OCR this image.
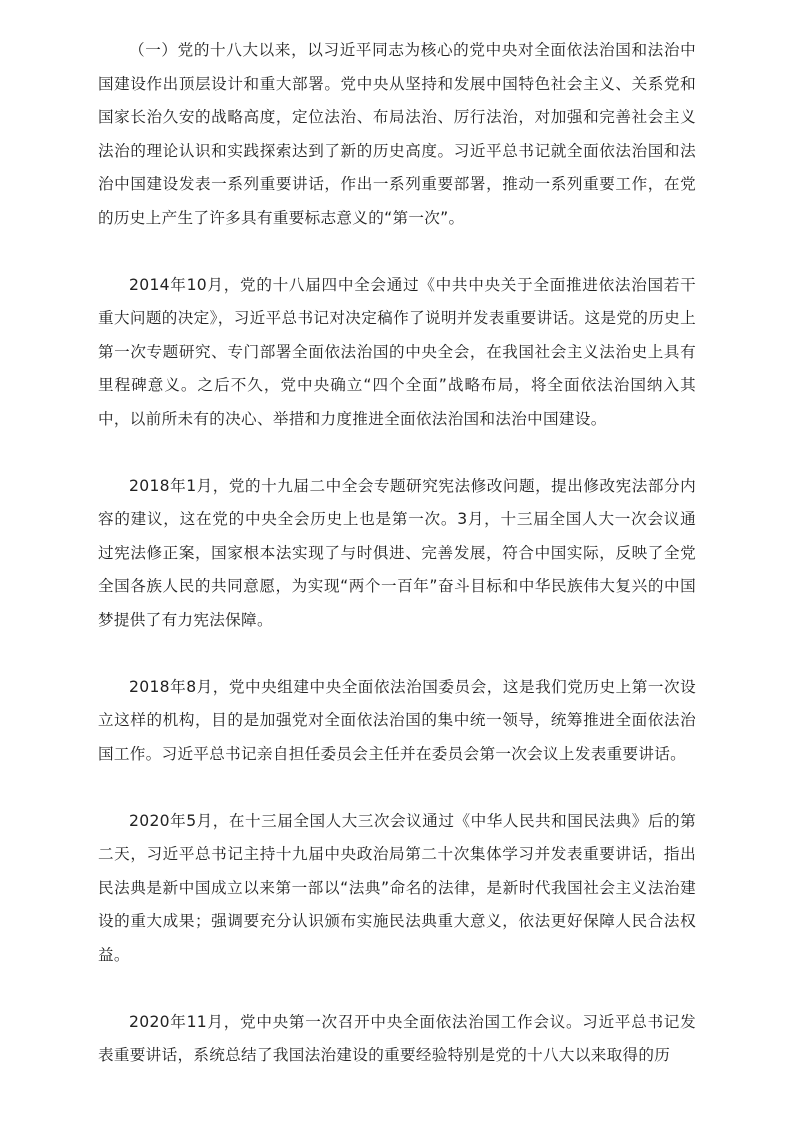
（一）党的十八大以来，以习近平同志为核心的党中央对全面依法治国和法治中国建设作出顶层设计和重大部署。党中央从坚持和发展中国特色社会主义、关系党和国家长治久安的战略高度，定位法治、布局法治、厉行法治，对加强和完善社会主义法治的理论认识和实践探索达到了新的历史高度。习近平总书记就全面依法治国和法治中国建设发表一系列重要讲话，作出一系列重要部署，推动一系列重要工作，在党的历史上产生了许多具有重要标志意义的“第一次”。

2014年10月，党的十八届四中全会通过《中共中央关于全面推进依法治国若干重大问题的决定》，习近平总书记对决定稿作了说明并发表重要讲话。这是党的历史上第一次专题研究、专门部署全面依法治国的中央全会，在我国社会主义法治史上具有里程碑意义。之后不久，党中央确立“四个全面”战略布局，将全面依法治国纳入其中，以前所未有的决心、举措和力度推进全面依法治国和法治中国建设。

2018年1月，党的十九届二中全会专题研究宪法修改问题，提出修改宪法部分内容的建议，这在党的中央全会历史上也是第一次。3月，十三届全国人大一次会议通过宪法修正案，国家根本法实现了与时俱进、完善发展，符合中国实际，反映了全党全国各族人民的共同意愿，为实现“两个一百年”奋斗目标和中华民族伟大复兴的中国梦提供了有力宪法保障。

2018年8月，党中央组建中央全面依法治国委员会，这是我们党历史上第一次设立这样的机构，目的是加强党对全面依法治国的集中统一领导，统筹推进全面依法治国工作。习近平总书记亲自担任委员会主任并在委员会第一次会议上发表重要讲话。

2020年5月，在十三届全国人大三次会议通过《中华人民共和国民法典》后的第二天，习近平总书记主持十九届中央政治局第二十次集体学习并发表重要讲话，指出民法典是新中国成立以来第一部以“法典”命名的法律，是新时代我国社会主义法治建设的重大成果；强调要充分认识颁布实施民法典重大意义，依法更好保障人民合法权益。

2020年11月，党中央第一次召开中央全面依法治国工作会议。习近平总书记发表重要讲话，系统总结了我国法治建设的重要经验特别是党的十八大以来取得的历
